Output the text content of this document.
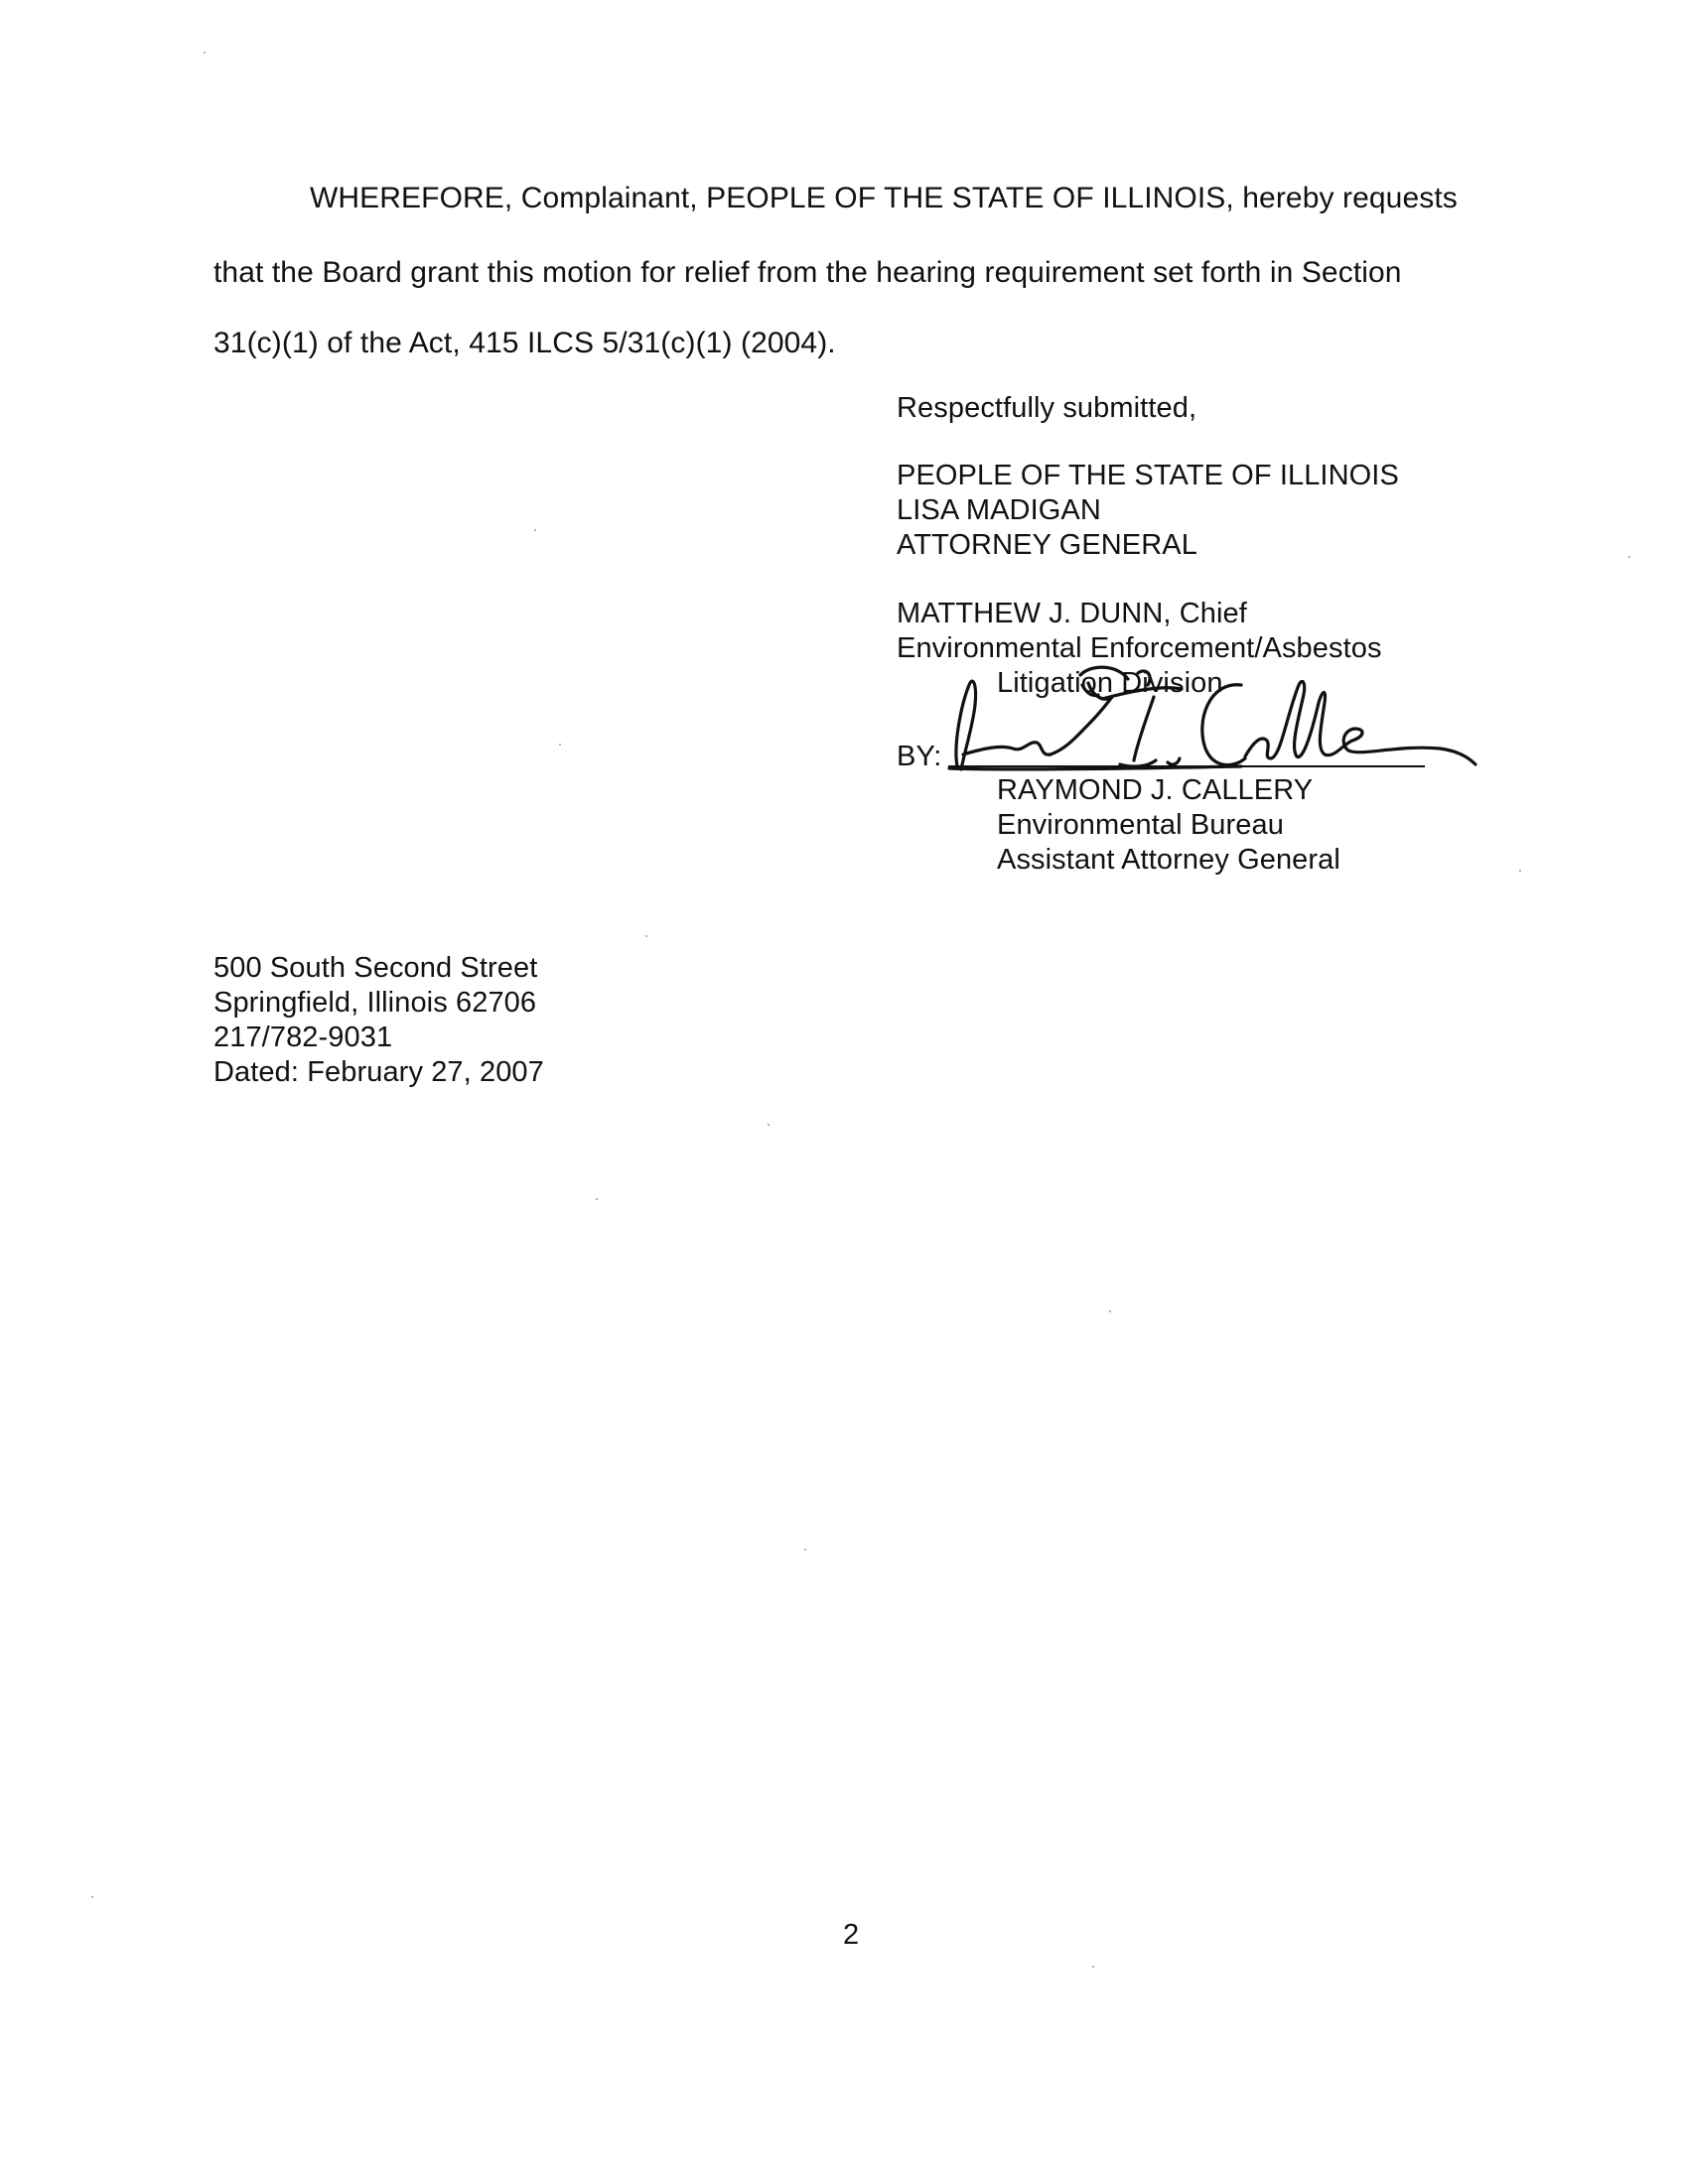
WHEREFORE, Complainant, PEOPLE OF THE STATE OF ILLINOIS, hereby requests
that the Board grant this motion for relief from the hearing requirement set forth in Section
31(c)(1) of the Act, 415 ILCS 5/31(c)(1) (2004).
Respectfully submitted,
PEOPLE OF THE STATE OF ILLINOIS
LISA MADIGAN
ATTORNEY GENERAL
MATTHEW J. DUNN, Chief
Environmental Enforcement/Asbestos
Litigation Division
BY:
RAYMOND J. CALLERY
Environmental Bureau
Assistant Attorney General
500 South Second Street
Springfield, Illinois 62706
217/782-9031
Dated: February 27, 2007
2
